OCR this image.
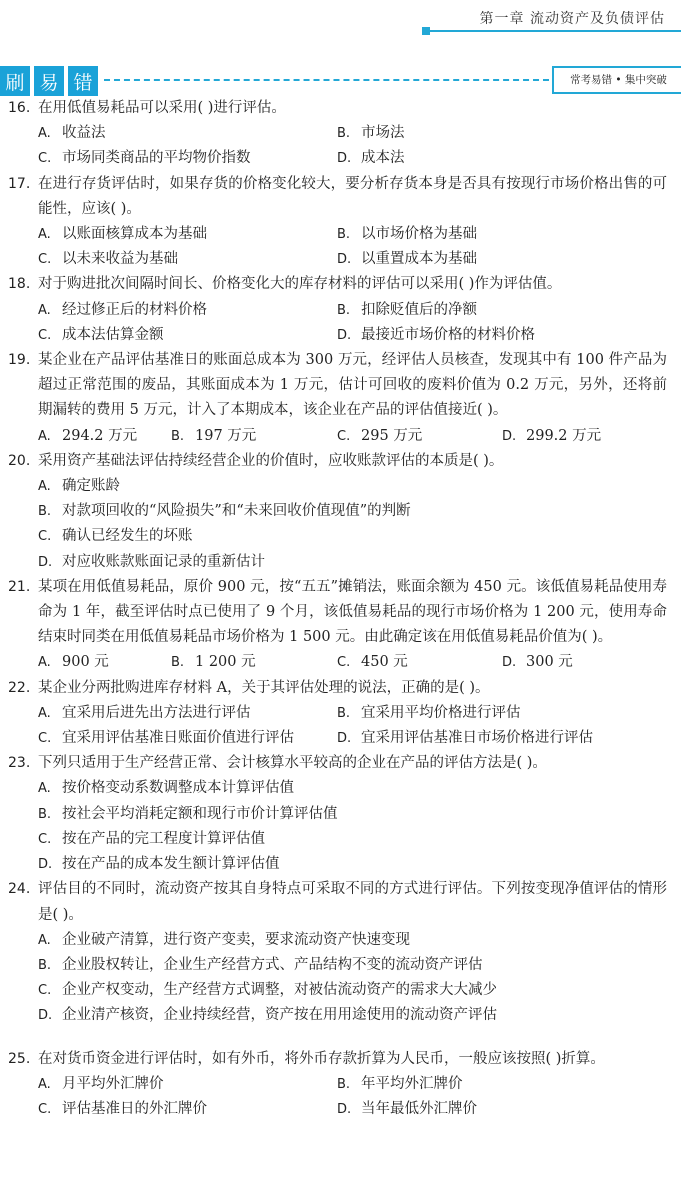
第一章 流动资产及负债评估
刷 易 错	常考易错 • 集中突破
16. 在用低值易耗品可以采用( )进行评估。
A. 收益法	B. 市场法
C. 市场同类商品的平均物价指数	D. 成本法
17. 在进行存货评估时，如果存货的价格变化较大，要分析存货本身是否具有按现行市场价格出售的可能性，应该( )。
A. 以账面核算成本为基础	B. 以市场价格为基础
C. 以未来收益为基础	D. 以重置成本为基础
18. 对于购进批次间隔时间长、价格变化大的库存材料的评估可以采用( )作为评估值。
A. 经过修正后的材料价格	B. 扣除贬值后的净额
C. 成本法估算金额	D. 最接近市场价格的材料价格
19. 某企业在产品评估基准日的账面总成本为 300 万元，经评估人员核查，发现其中有 100 件产品为超过正常范围的废品，其账面成本为 1 万元，估计可回收的废料价值为 0.2 万元，另外，还将前期漏转的费用 5 万元，计入了本期成本，该企业在产品的评估值接近( )。
A. 294.2 万元	B. 197 万元	C. 295 万元	D. 299.2 万元
20. 采用资产基础法评估持续经营企业的价值时，应收账款评估的本质是( )。
A. 确定账龄
B. 对款项回收的“风险损失”和“未来回收价值现值”的判断
C. 确认已经发生的坏账
D. 对应收账款账面记录的重新估计
21. 某项在用低值易耗品，原价 900 元，按“五五”摊销法，账面余额为 450 元。该低值易耗品使用寿命为 1 年，截至评估时点已使用了 9 个月，该低值易耗品的现行市场价格为 1 200 元，使用寿命结束时同类在用低值易耗品市场价格为 1 500 元。由此确定该在用低值易耗品价值为( )。
A. 900 元	B. 1 200 元	C. 450 元	D. 300 元
22. 某企业分两批购进库存材料 A，关于其评估处理的说法，正确的是( )。
A. 宜采用后进先出方法进行评估	B. 宜采用平均价格进行评估
C. 宜采用评估基准日账面价值进行评估	D. 宜采用评估基准日市场价格进行评估
23. 下列只适用于生产经营正常、会计核算水平较高的企业在产品的评估方法是( )。
A. 按价格变动系数调整成本计算评估值
B. 按社会平均消耗定额和现行市价计算评估值
C. 按在产品的完工程度计算评估值
D. 按在产品的成本发生额计算评估值
24. 评估目的不同时，流动资产按其自身特点可采取不同的方式进行评估。下列按变现净值评估的情形是( )。
A. 企业破产清算，进行资产变卖，要求流动资产快速变现
B. 企业股权转让，企业生产经营方式、产品结构不变的流动资产评估
C. 企业产权变动，生产经营方式调整，对被估流动资产的需求大大减少
D. 企业清产核资，企业持续经营，资产按在用用途使用的流动资产评估
25. 在对货币资金进行评估时，如有外币，将外币存款折算为人民币，一般应该按照( )折算。
A. 月平均外汇牌价	B. 年平均外汇牌价
C. 评估基准日的外汇牌价	D. 当年最低外汇牌价
